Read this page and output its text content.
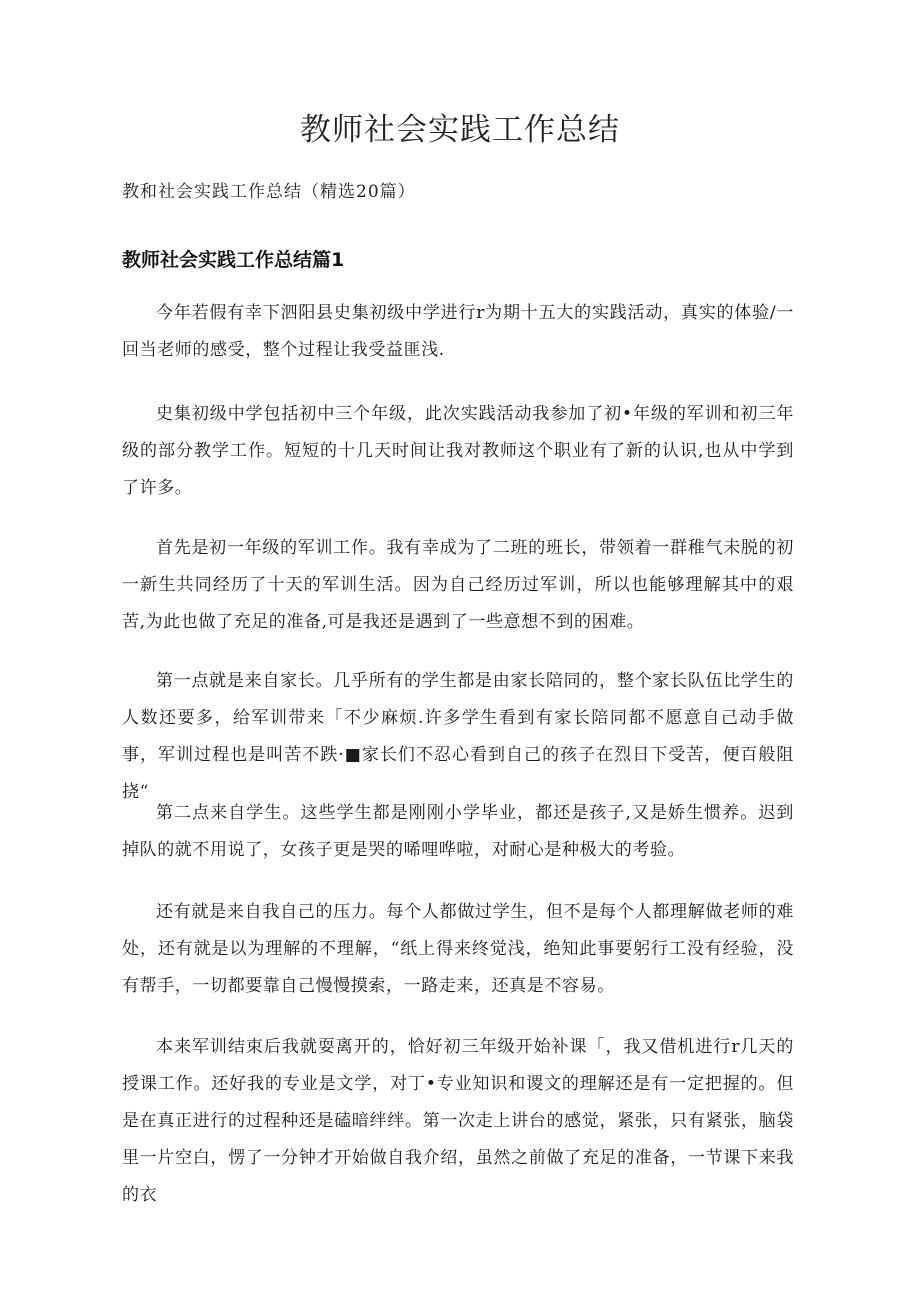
教师社会实践工作总结

教和社会实践工作总结（精选20篇）

教师社会实践工作总结篇1

今年若假有幸下泗阳县史集初级中学进行r为期十五大的实践活动，真实的体验/一回当老师的感受，整个过程让我受益匪浅.

史集初级中学包括初中三个年级，此次实践活动我参加了初•年级的军训和初三年级的部分教学工作。短短的十几天时间让我对教师这个职业有了新的认识,也从中学到了许多。

首先是初一年级的军训工作。我有幸成为了二班的班长，带领着一群稚气未脱的初一新生共同经历了十天的军训生活。因为自己经历过军训，所以也能够理解其中的艰苦,为此也做了充足的准备,可是我还是遇到了一些意想不到的困难。

第一点就是来自家长。几乎所有的学生都是由家长陪同的，整个家长队伍比学生的人数还要多，给军训带来「不少麻烦.许多学生看到有家长陪同都不愿意自己动手做事，军训过程也是叫苦不跌·■家长们不忍心看到自己的孩子在烈日下受苦，便百般阻挠“

第二点来自学生。这些学生都是刚刚小学毕业，都还是孩子,又是娇生惯养。迟到掉队的就不用说了，女孩子更是哭的唏哩哗啦，对耐心是种极大的考验。

还有就是来自我自己的压力。每个人都做过学生，但不是每个人都理解做老师的难处，还有就是以为理解的不理解，“纸上得来终觉浅，绝知此事要躬行工没有经验，没有帮手，一切都要靠自己慢慢摸索，一路走来，还真是不容易。

本来军训结束后我就耍离开的，恰好初三年级开始补课「，我又借机进行r几天的授课工作。还好我的专业是文学，对丁•专业知识和谡文的理解还是有一定把握的。但是在真正进行的过程种还是磕暗绊绊。第一次走上讲台的感觉，紧张，只有紧张，脑袋里一片空白，愣了一分钟才开始做自我介绍，虽然之前做了充足的准备，一节课下来我的衣
